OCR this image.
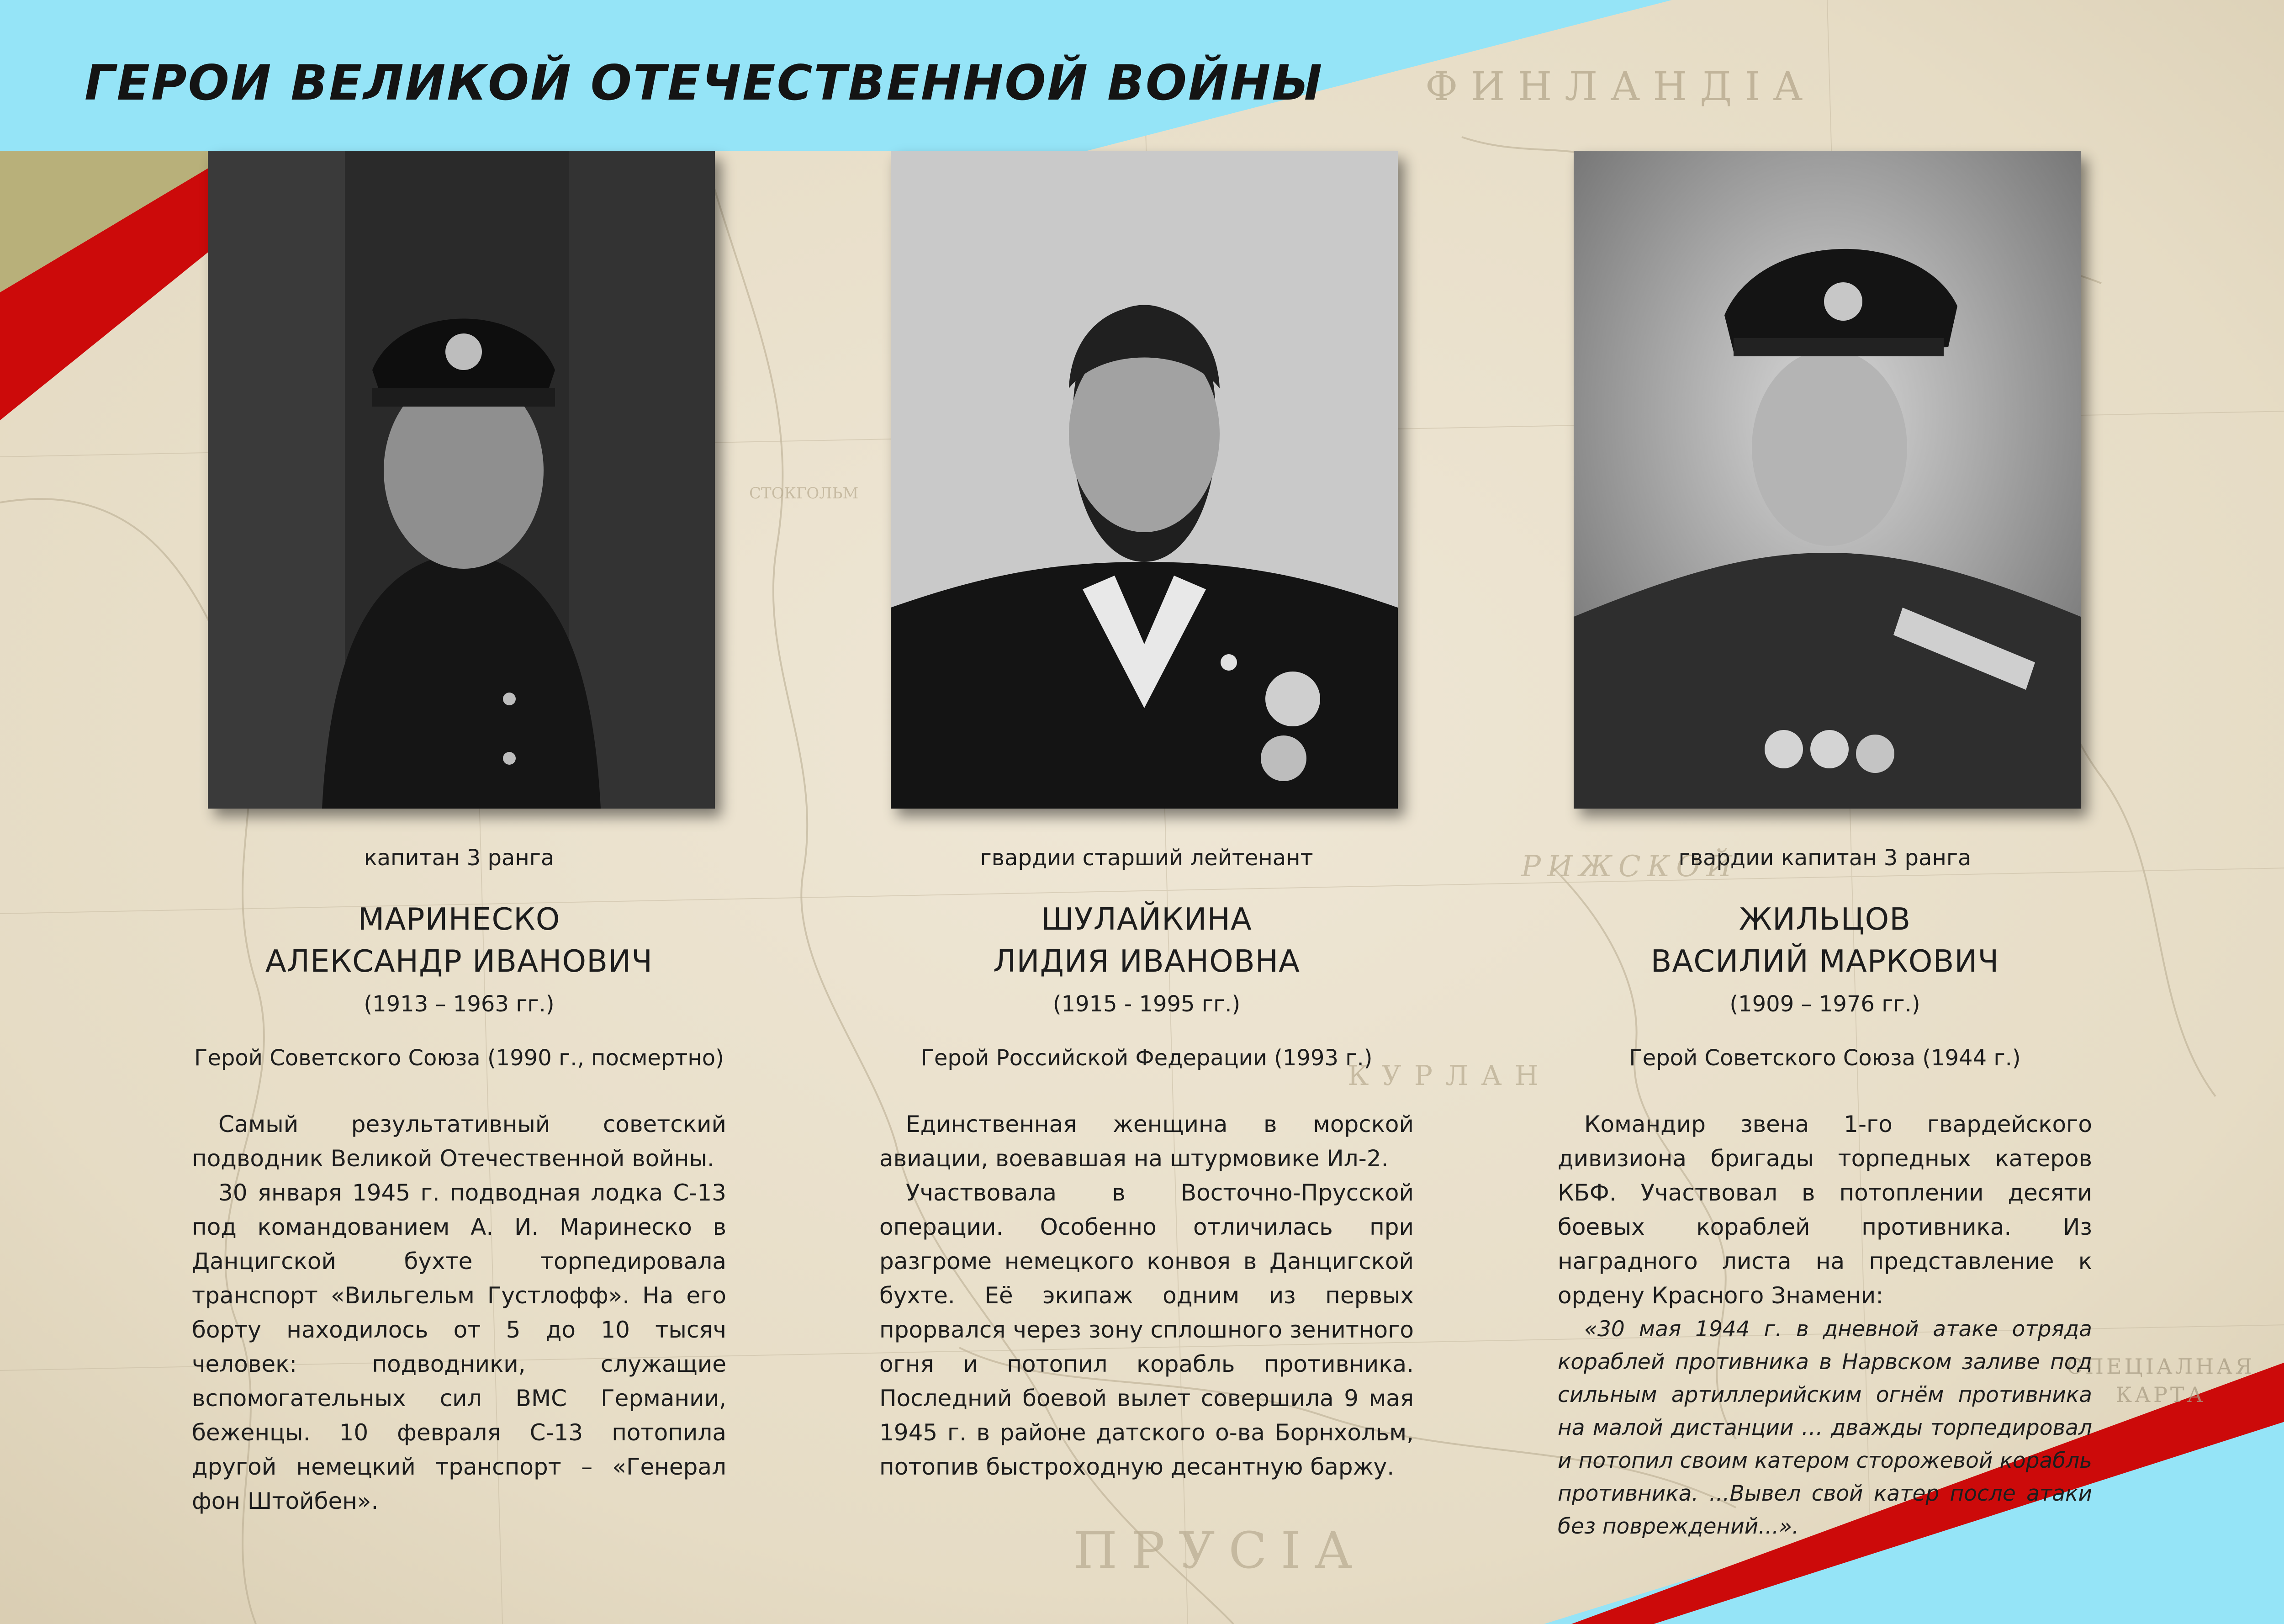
ФИНЛАНДІА
ПРУСІА
КУРЛАН
СТОКГОЛЬМ
РИЖСКОЙ
СПЕЦІАЛНАЯ КАРТА
ГЕРОИ ВЕЛИКОЙ ОТЕЧЕСТВЕННОЙ ВОЙНЫ
капитан 3 ранга
МАРИНЕСКО
АЛЕКСАНДР ИВАНОВИЧ
(1913 – 1963 гг.)
Герой Советского Союза (1990 г., посмертно)

Самый результативный советский подводник Великой Отечественной войны.

30 января 1945 г. подводная лодка С-13 под командованием А. И. Маринеско в Данцигской бухте торпедировала транспорт «Вильгельм Густлофф». На его борту находилось от 5 до 10 тысяч человек: подводники, служащие вспомогательных сил ВМС Германии, беженцы. 10 февраля С-13 потопила другой немецкий транспорт – «Генерал фон Штойбен».

гвардии старший лейтенант
ШУЛАЙКИНА
ЛИДИЯ ИВАНОВНА
(1915 - 1995 гг.)
Герой Российской Федерации (1993 г.)

Единственная женщина в морской авиации, воевавшая на штурмовике Ил-2.

Участвовала в Восточно-Прусской операции. Особенно отличилась при разгроме немецкого конвоя в Данцигской бухте. Её экипаж одним из первых прорвался через зону сплошного зенитного огня и потопил корабль противника. Последний боевой вылет совершила 9 мая 1945 г. в районе датского о-ва Борнхольм, потопив быстроходную десантную баржу.

гвардии капитан 3 ранга
ЖИЛЬЦОВ
ВАСИЛИЙ МАРКОВИЧ
(1909 – 1976 гг.)
Герой Советского Союза (1944 г.)

Командир звена 1-го гвардейского дивизиона бригады торпедных катеров КБФ. Участвовал в потоплении десяти боевых кораблей противника. Из наградного листа на представление к ордену Красного Знамени:

«30 мая 1944 г. в дневной атаке отряда кораблей противника в Нарвском заливе под сильным артиллерийским огнём противника на малой дистанции … дважды торпедировал и потопил своим катером сторожевой корабль противника. ...Вывел свой катер после атаки без повреждений...».
